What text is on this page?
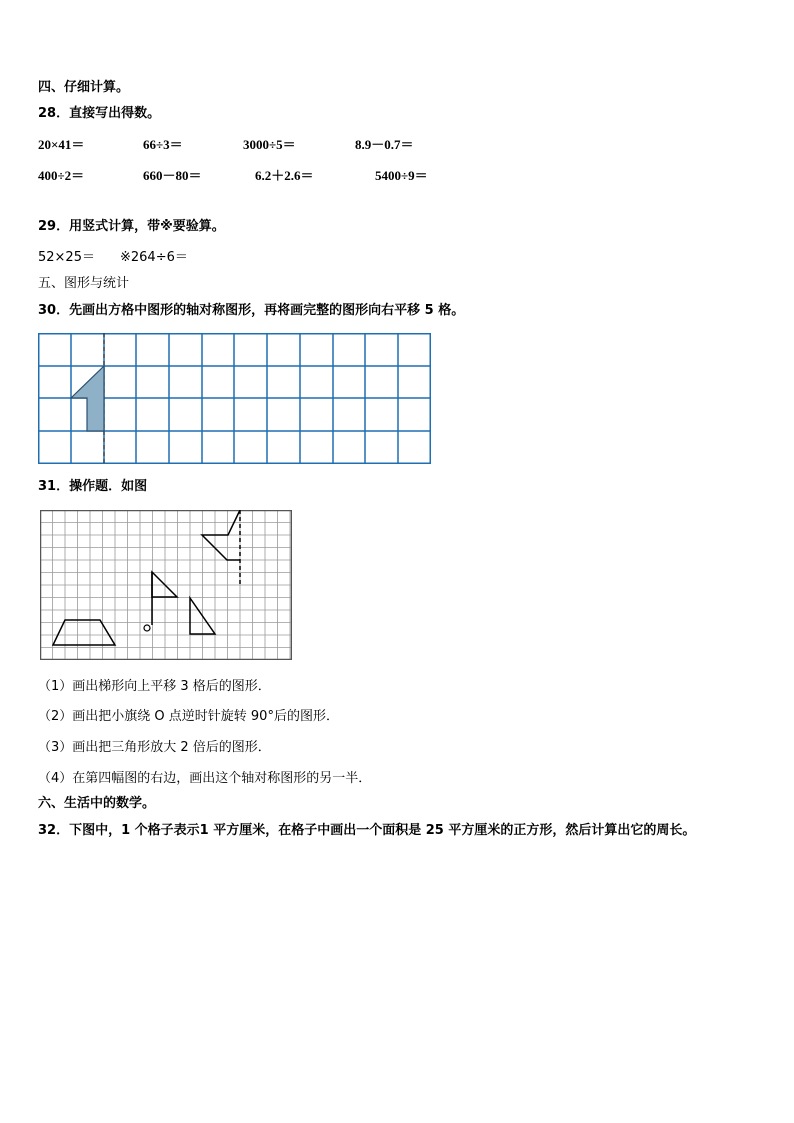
四、仔细计算。
28．直接写出得数。
20×41＝	66÷3＝	3000÷5＝	8.9－0.7＝
400÷2＝	660－80＝	6.2＋2.6＝	5400÷9＝
29．用竖式计算，带※要验算。
52×25＝ ※264÷6＝
五、图形与统计
30．先画出方格中图形的轴对称图形，再将画完整的图形向右平移 5 格。
31．操作题．如图
（1）画出梯形向上平移 3 格后的图形．
（2）画出把小旗绕 O 点逆时针旋转 90°后的图形．
（3）画出把三角形放大 2 倍后的图形．
（4）在第四幅图的右边，画出这个轴对称图形的另一半．
六、生活中的数学。
32．下图中，1 个格子表示1 平方厘米，在格子中画出一个面积是 25 平方厘米的正方形，然后计算出它的周长。
